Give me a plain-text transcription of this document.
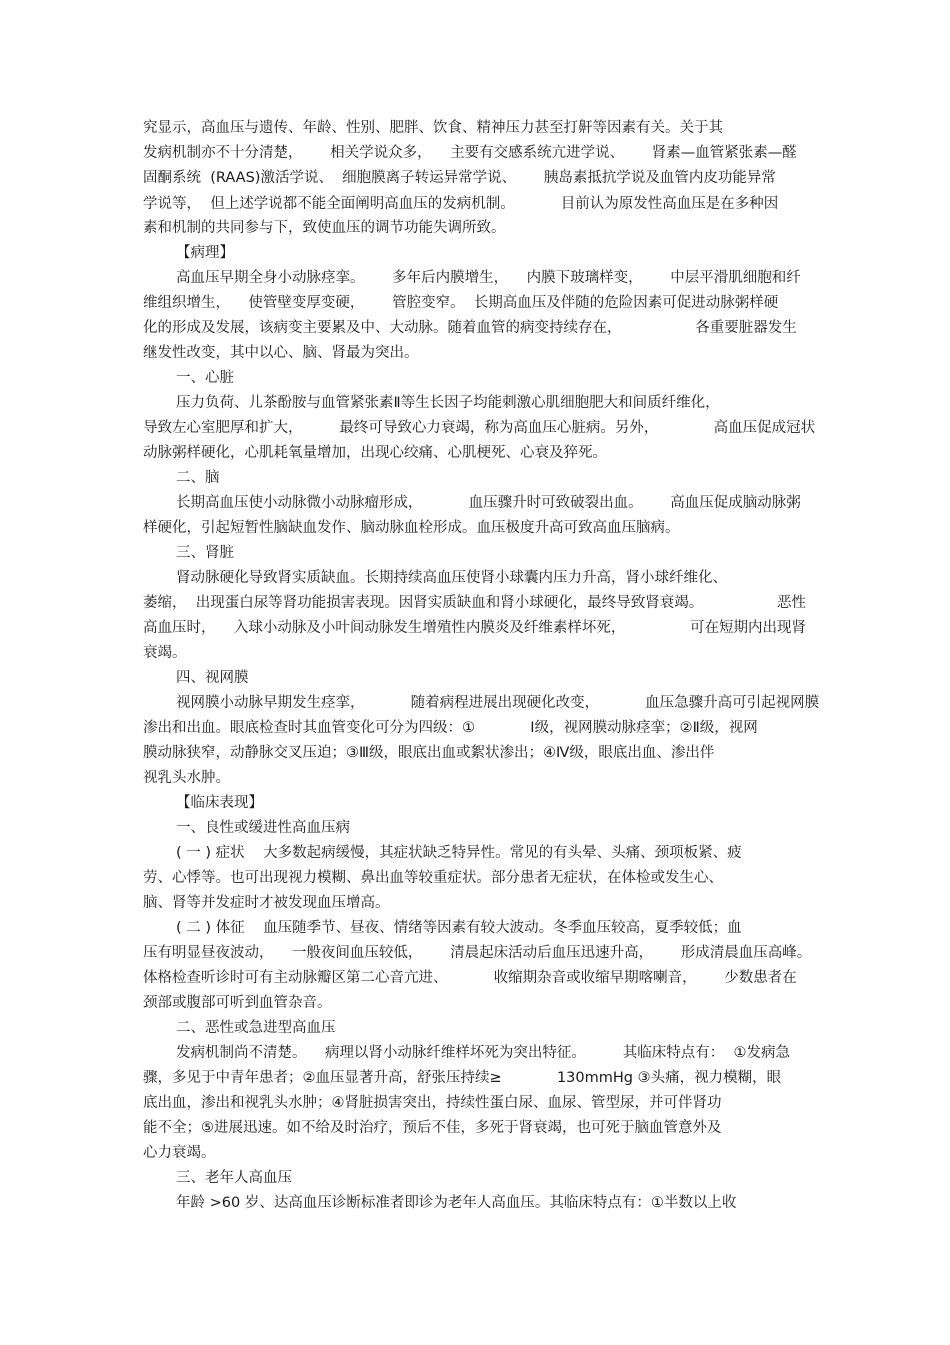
究显示，高血压与遗传、年龄、性别、肥胖、饮食、精神压力甚至打鼾等因素有关。关于其
发病机制亦不十分清楚，      相关学说众多，    主要有交感系统亢进学说、      肾素—血管紧张素—醛
固酮系统  (RAAS)激活学说、  细胞膜离子转运异常学说、      胰岛素抵抗学说及血管内皮功能异常
学说等，  但上述学说都不能全面阐明高血压的发病机制。          目前认为原发性高血压是在多种因
素和机制的共同参与下，致使血压的调节功能失调所致。
【病理】
高血压早期全身小动脉痉挛。      多年后内膜增生，    内膜下玻璃样变，      中层平滑肌细胞和纤
维组织增生，    使管壁变厚变硬，      管腔变窄。  长期高血压及伴随的危险因素可促进动脉粥样硬
化的形成及发展，该病变主要累及中、大动脉。随着血管的病变持续存在，                各重要脏器发生
继发性改变，其中以心、脑、肾最为突出。
一、心脏
压力负荷、儿茶酚胺与血管紧张素Ⅱ等生长因子均能刺激心肌细胞肥大和间质纤维化，
导致左心室肥厚和扩大，        最终可导致心力衰竭，称为高血压心脏病。另外，            高血压促成冠状
动脉粥样硬化，心肌耗氧量增加，出现心绞痛、心肌梗死、心衰及猝死。
二、脑
长期高血压使小动脉微小动脉瘤形成，          血压骤升时可致破裂出血。      高血压促成脑动脉粥
样硬化，引起短暂性脑缺血发作、脑动脉血栓形成。血压极度升高可致高血压脑病。
三、肾脏
肾动脉硬化导致肾实质缺血。长期持续高血压使肾小球囊内压力升高，肾小球纤维化、
萎缩，  出现蛋白尿等肾功能损害表现。因肾实质缺血和肾小球硬化，最终导致肾衰竭。                恶性
高血压时，    入球小动脉及小叶间动脉发生增殖性内膜炎及纤维素样坏死，              可在短期内出现肾
衰竭。
四、视网膜
视网膜小动脉早期发生痉挛，          随着病程进展出现硬化改变，          血压急骤升高可引起视网膜
渗出和出血。眼底检查时其血管变化可分为四级：①            Ⅰ级，视网膜动脉痉挛；②Ⅱ级，视网
膜动脉狭窄，动静脉交叉压迫；③Ⅲ级，眼底出血或絮状渗出；④Ⅳ级，眼底出血、渗出伴
视乳头水肿。
【临床表现】
一、良性或缓进性高血压病
( 一 ) 症状    大多数起病缓慢，其症状缺乏特异性。常见的有头晕、头痛、颈项板紧、疲
劳、心悸等。也可出现视力模糊、鼻出血等较重症状。部分患者无症状，在体检或发生心、
脑、肾等并发症时才被发现血压增高。
( 二 ) 体征    血压随季节、昼夜、情绪等因素有较大波动。冬季血压较高，夏季较低；血
压有明显昼夜波动，    一般夜间血压较低，      清晨起床活动后血压迅速升高，      形成清晨血压高峰。
体格检查听诊时可有主动脉瓣区第二心音亢进、          收缩期杂音或收缩早期喀喇音，      少数患者在
颈部或腹部可听到血管杂音。
二、恶性或急进型高血压
发病机制尚不清楚。    病理以肾小动脉纤维样坏死为突出特征。        其临床特点有：  ①发病急
骤，多见于中青年患者；②血压显著升高，舒张压持续≥            130mmHg ③头痛，视力模糊，眼
底出血，渗出和视乳头水肿；④肾脏损害突出，持续性蛋白尿、血尿、管型尿，并可伴肾功
能不全；⑤进展迅速。如不给及时治疗，预后不佳，多死于肾衰竭，也可死于脑血管意外及
心力衰竭。
三、老年人高血压
年龄 >60 岁、达高血压诊断标准者即诊为老年人高血压。其临床特点有：①半数以上收
